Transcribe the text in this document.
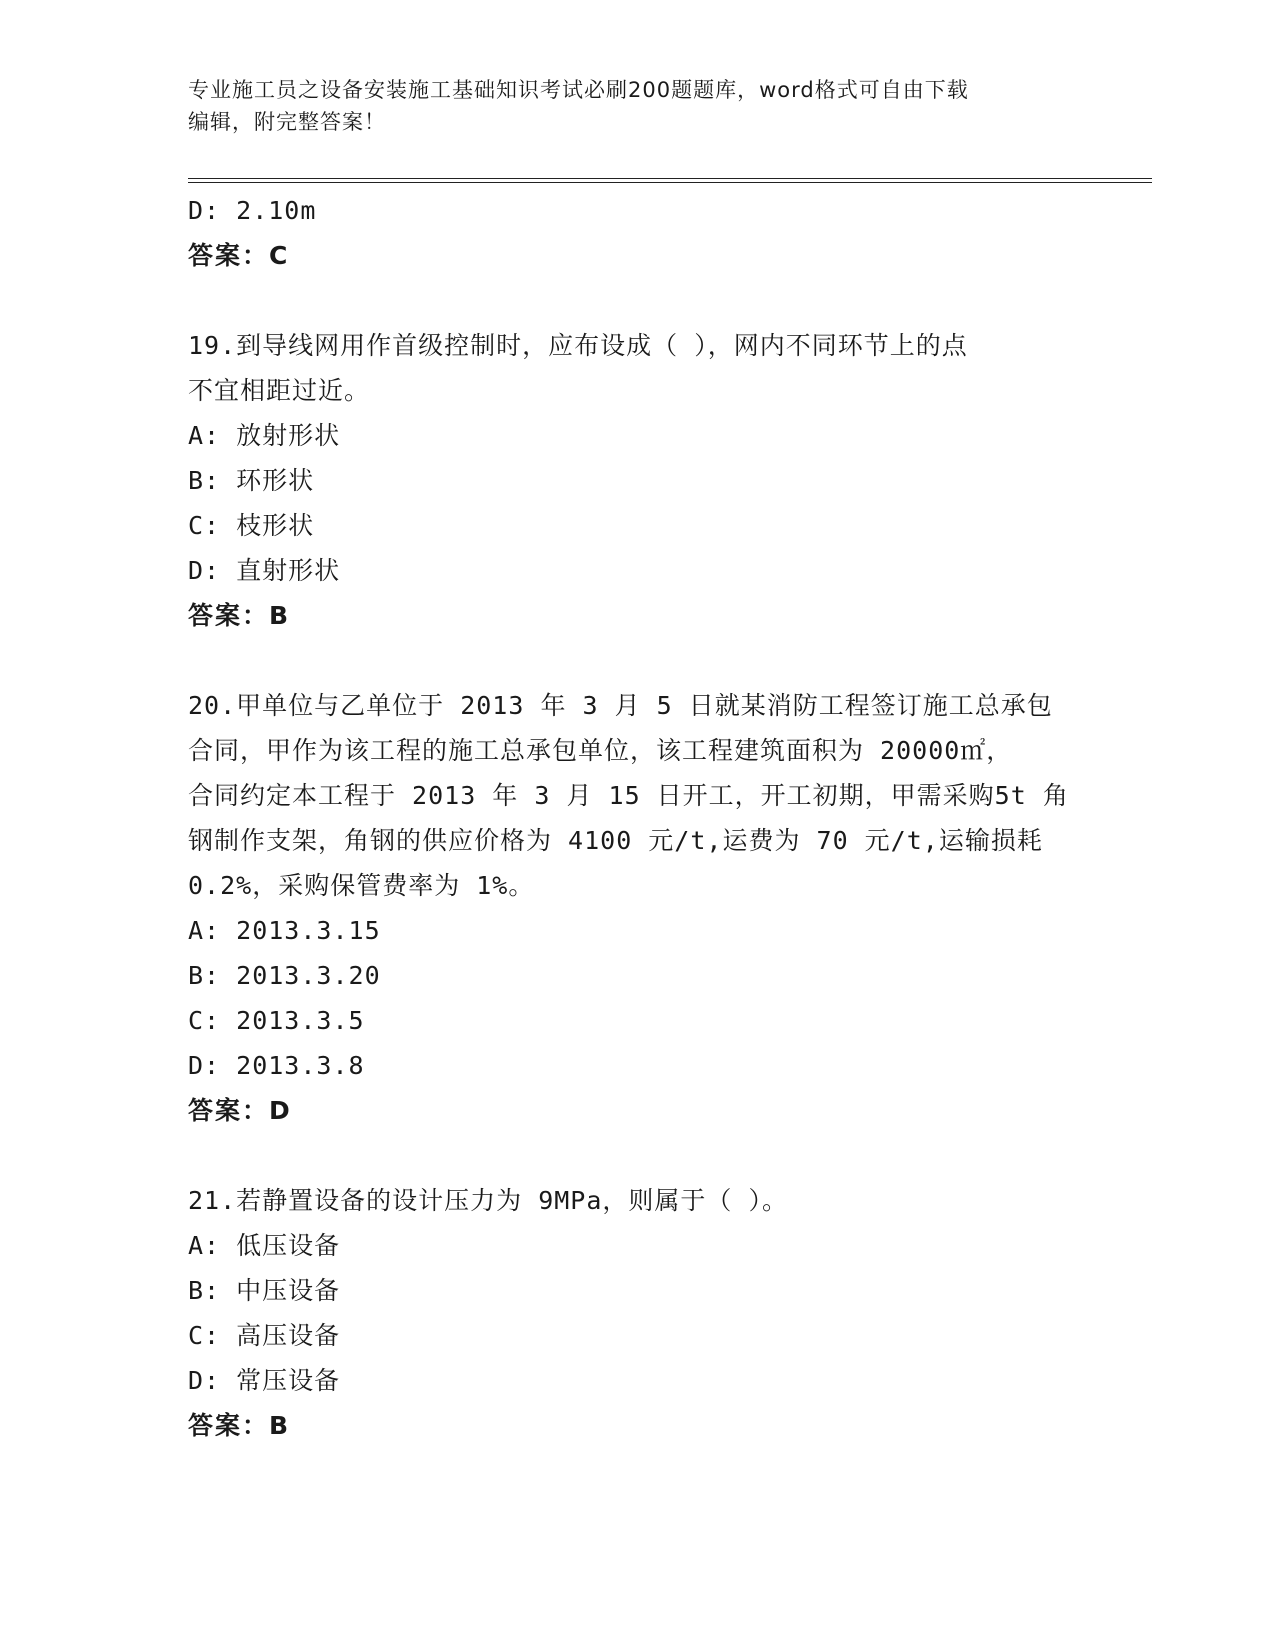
专业施工员之设备安装施工基础知识考试必刷200题题库，word格式可自由下载
编辑，附完整答案！
D: 2.10m
答案：C
19.到导线网用作首级控制时，应布设成（ ），网内不同环节上的点
不宜相距过近。
A: 放射形状
B: 环形状
C: 枝形状
D: 直射形状
答案：B
20.甲单位与乙单位于 2013 年 3 月 5 日就某消防工程签订施工总承包
合同，甲作为该工程的施工总承包单位，该工程建筑面积为 20000㎡，
合同约定本工程于 2013 年 3 月 15 日开工，开工初期，甲需采购5t 角
钢制作支架，角钢的供应价格为 4100 元/t,运费为 70 元/t,运输损耗
0.2%，采购保管费率为 1%。
A: 2013.3.15
B: 2013.3.20
C: 2013.3.5
D: 2013.3.8
答案：D
21.若静置设备的设计压力为 9MPa，则属于（ ）。
A: 低压设备
B: 中压设备
C: 高压设备
D: 常压设备
答案：B
